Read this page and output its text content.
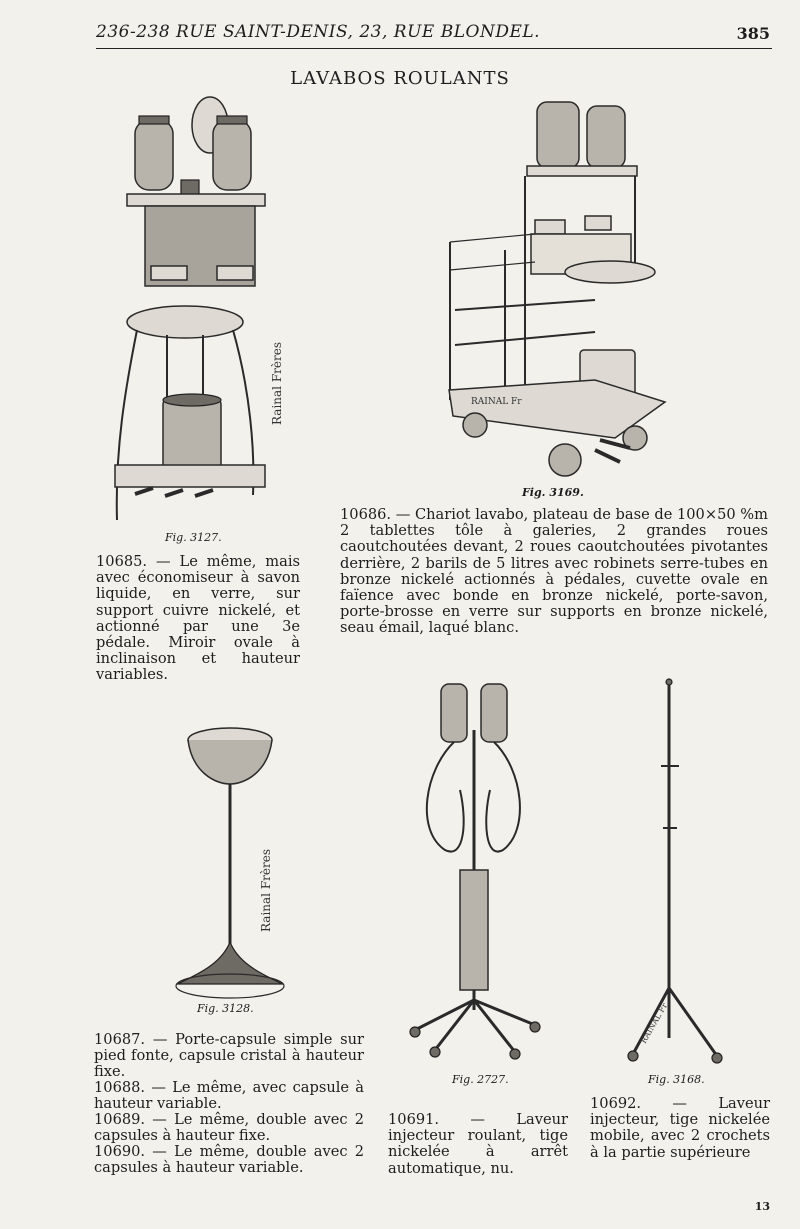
236-238 RUE SAINT-DENIS, 23, RUE BLONDEL.	385
LAVABOS ROULANTS
Rainal Frères
Fig. 3127.
RAINAL Fr
Fig. 3169.
10686. — Chariot lavabo, plateau de base de 100×50 %m 2 tablettes tôle à galeries, 2 grandes roues caoutchoutées devant, 2 roues caoutchoutées pivotantes derrière, 2 barils de 5 litres avec robinets serre-tubes en bronze nickelé actionnés à pédales, cuvette ovale en faïence avec bonde en bronze nickelé, porte-savon, porte-brosse en verre sur supports en bronze nickelé, seau émail, laqué blanc.
10685. — Le même, mais avec économiseur à savon liquide, en verre, sur support cuivre nickelé, et actionné par une 3e pédale. Miroir ovale à inclinaison et hauteur variables.
Rainal Frères
Fig. 3128.
Fig. 2727.
RAINAL Fr
Fig. 3168.
10687. — Porte-capsule simple sur pied fonte, capsule cristal à hauteur fixe.
10688. — Le même, avec capsule à hauteur variable.
10689. — Le même, double avec 2 capsules à hauteur fixe.
10690. — Le même, double avec 2 capsules à hauteur variable.
10691. — Laveur injecteur roulant, tige nickelée à arrêt automatique, nu.
10692. — Laveur injecteur, tige nickelée mobile, avec 2 crochets à la partie supérieure
13
